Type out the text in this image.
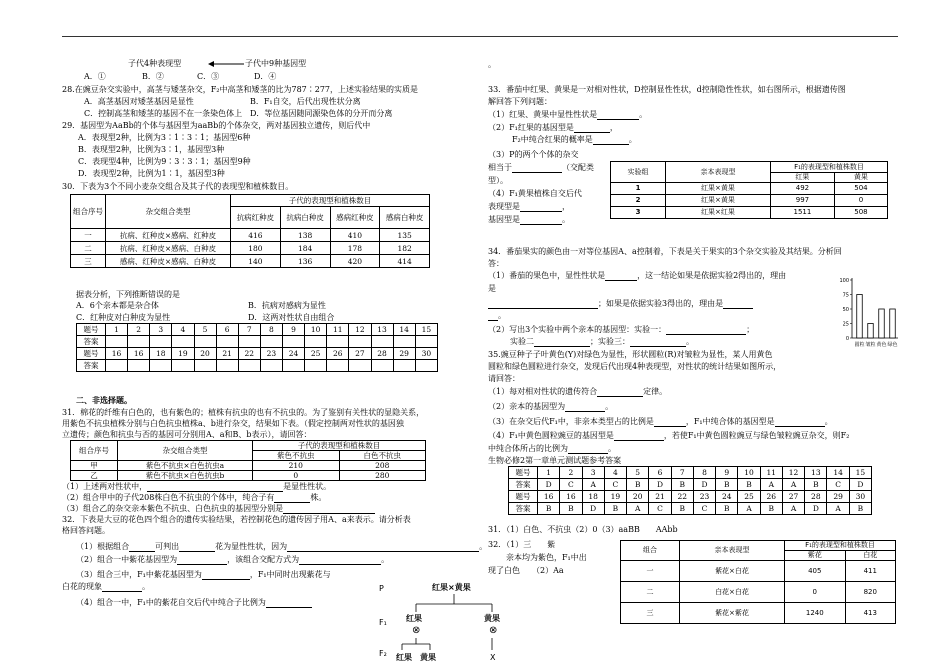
子代4种表现型	子代中9种基因型
A．①	B．②	C．③	D．④
28.在豌豆杂交实验中，高茎与矮茎杂交，F₂中高茎和矮茎的比为787∶277，上述实验结果的实质是
A．高茎基因对矮茎基因是显性	B．F₁自交，后代出现性状分离
C．控制高茎和矮茎的基因不在一条染色体上 D．等位基因随同源染色体的分开而分离
29．基因型为AaBb的个体与基因型为aaBb的个体杂交，两对基因独立遗传，则后代中
A．表现型2种，比例为3∶1∶3∶1；基因型6种
B．表现型2种，比例为3∶1，基因型3种
C．表现型4种，比例为9∶3∶3∶1；基因型9种
D．表现型2种，比例为1∶1，基因型3种
30．下表为3个不同小麦杂交组合及其子代的表现型和植株数目。
组合序号	杂交组合类型	子代的表现型和植株数目			
		抗病红种皮	抗病白种皮	感病红种皮	感病白种皮
一	抗病、红种皮×感病、红种皮	416	138	410	135
二	抗病、红种皮×感病、白种皮	180	184	178	182
三	感病、红种皮×感病、白种皮	140	136	420	414
据表分析，下列推断错误的是
A．6个亲本都是杂合体	B．抗病对感病为显性
C．红种皮对白种皮为显性	D．这两对性状自由组合
题号	1	2	3	4	5	6	7	8	9	10	11	12	13	14	15
答案															
题号	16	16	18	19	20	21	22	23	24	25	26	27	28	29	30
答案															
二、非选择题。
31．棉花的纤维有白色的，也有紫色的；植株有抗虫的也有不抗虫的。为了鉴别有关性状的显隐关系，
用紫色不抗虫植株分别与白色抗虫植株a、b进行杂交，结果如下表。（假定控制两对性状的基因独
立遗传；颜色和抗虫与否的基因可分别用A、a和B、b表示），请回答：
组合序号	杂交组合类型	子代的表现型和植株数目	
		紫色不抗虫	白色不抗虫
甲	紫色不抗虫×白色抗虫a	210	208
乙	紫色不抗虫×白色抗虫b	0	280
（1）上述两对性状中，	是显性性状。
（2）组合甲中的子代208株白色不抗虫的个体中，纯合子有	株。
（3）组合乙的杂交亲本紫色不抗虫、白色抗虫的基因型分别是
32．下表是大豆的花色四个组合的遗传实验结果，若控制花色的遗传因子用A、a来表示。请分析表
格回答问题。
（1）根据组合	可判出	花为显性性状，因为	。
（2）组合一中紫花基因型为	，该组合交配方式为	。
（3）组合三中，F₁中紫花基因型为	，F₁中同时出现紫花与
白花的现象	。
（4）组合一中，F₁中的紫花自交后代中纯合子比例为
P	红果×黄果
F₁ 红果	黄果
⊗	⊗
F₂ 红果 黄果	X
。
33．番茄中红果、黄果是一对相对性状，D控制显性性状，d控制隐性性状，如右图所示，根据遗传图
解回答下列问题：
（1）红果、黄果中显性性状是	。
（2）F₁红果的基因型是	，
F₂中纯合红果的概率是	。
（3）P的两个个体的杂交
相当于	（交配类
型）。
（4）F₁黄果植株自交后代
表现型是	，
基因型是	。
实验组	亲本表现型	F₁的表现型和植株数目	
		红果	黄果
1	红果×黄果	492	504
2	红果×黄果	997	0
3	红果×红果	1511	508
34．番茄果实的颜色由一对等位基因A、a控制着，下表是关于果实的3个杂交实验及其结果。分析回
答：
（1）番茄的果色中，显性性状是	，这一结论如果是依据实验2得出的，理由
是
；如果是依据实验3得出的，理由是
。
（2）写出3个实验中两个亲本的基因型：实验一：	；
实验二	；实验三：	。	0
25
50
75
100
圆粒 皱粒 黄色 绿色
35.豌豆种子子叶黄色(Y)对绿色为显性，形状圆粒(R)对皱粒为显性，某人用黄色
圆粒和绿色圆粒进行杂交，发现后代出现4种表现型，对性状的统计结果如图所示，
请回答：
（1）每对相对性状的遗传符合	定律。
（2）亲本的基因型为	。
（3）在杂交后代F₁中，非亲本类型占的比例是	，F₁中纯合体的基因型是	。
（4）F₁中黄色圆粒豌豆的基因型是	，若使F₁中黄色圆粒豌豆与绿色皱粒豌豆杂交，则F₂
中纯合体所占的比例为	。
生物必修2第一章单元测试题参考答案
题号	1	2	3	4	5	6	7	8	9	10	11	12	13	14	15
答案	D	C	A	C	B	D	B	D	B	B	A	A	B	C	D
题号	16	16	18	19	20	21	22	23	24	25	26	27	28	29	30
答案	B	B	D	B	A	C	B	C	B	A	B	A	D	A	B
31．（1）白色、不抗虫（2）0（3）aaBB　　AAbb
32．（1）三　　紫
亲本均为紫色，F₁中出
现了白色　　（2）Aa
组合	亲本表现型	F₁的表现型和植株数目	
		紫花	白花
一	紫花×白花	405	411
二	白花×白花	0	820
三	紫花×紫花	1240	413
